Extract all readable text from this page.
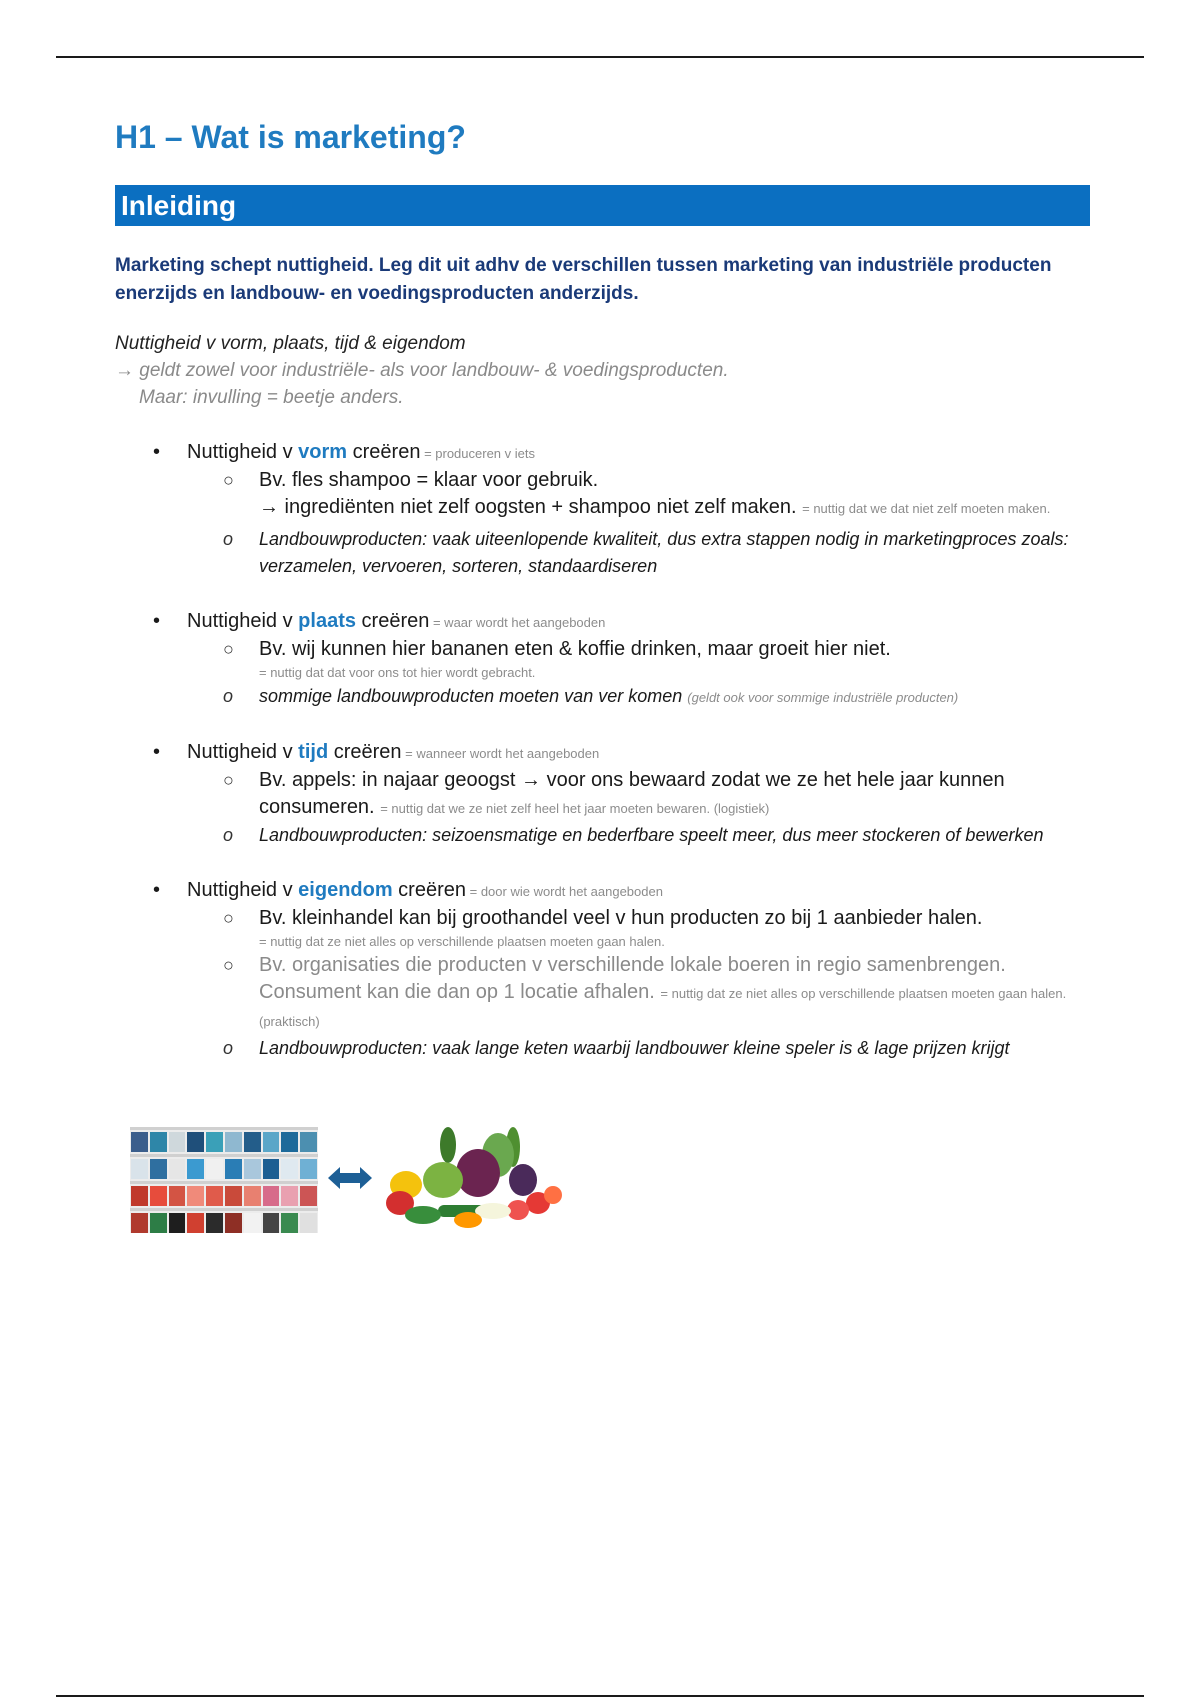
H1 – Wat is marketing?
Inleiding
Marketing schept nuttigheid. Leg dit uit adhv de verschillen tussen marketing van industriële producten enerzijds en landbouw- en voedingsproducten anderzijds.
Nuttigheid v vorm, plaats, tijd & eigendom
→ geldt zowel voor industriële- als voor landbouw- & voedingsproducten.
Maar: invulling = beetje anders.
• Nuttigheid v vorm creëren = produceren v iets
○ Bv. fles shampoo = klaar voor gebruik.
→ ingrediënten niet zelf oogsten + shampoo niet zelf maken. = nuttig dat we dat niet zelf moeten maken.
o Landbouwproducten: vaak uiteenlopende kwaliteit, dus extra stappen nodig in marketingproces zoals: verzamelen, vervoeren, sorteren, standaardiseren
• Nuttigheid v plaats creëren = waar wordt het aangeboden
○ Bv. wij kunnen hier bananen eten & koffie drinken, maar groeit hier niet.
= nuttig dat dat voor ons tot hier wordt gebracht.
o sommige landbouwproducten moeten van ver komen (geldt ook voor sommige industriële producten)
• Nuttigheid v tijd creëren = wanneer wordt het aangeboden
○ Bv. appels: in najaar geoogst → voor ons bewaard zodat we ze het hele jaar kunnen consumeren. = nuttig dat we ze niet zelf heel het jaar moeten bewaren. (logistiek)
o Landbouwproducten: seizoensmatige en bederfbare speelt meer, dus meer stockeren of bewerken
• Nuttigheid v eigendom creëren = door wie wordt het aangeboden
○ Bv. kleinhandel kan bij groothandel veel v hun producten zo bij 1 aanbieder halen.
= nuttig dat ze niet alles op verschillende plaatsen moeten gaan halen.
○ Bv. organisaties die producten v verschillende lokale boeren in regio samenbrengen. Consument kan die dan op 1 locatie afhalen. = nuttig dat ze niet alles op verschillende plaatsen moeten gaan halen. (praktisch)
o Landbouwproducten: vaak lange keten waarbij landbouwer kleine speler is & lage prijzen krijgt
